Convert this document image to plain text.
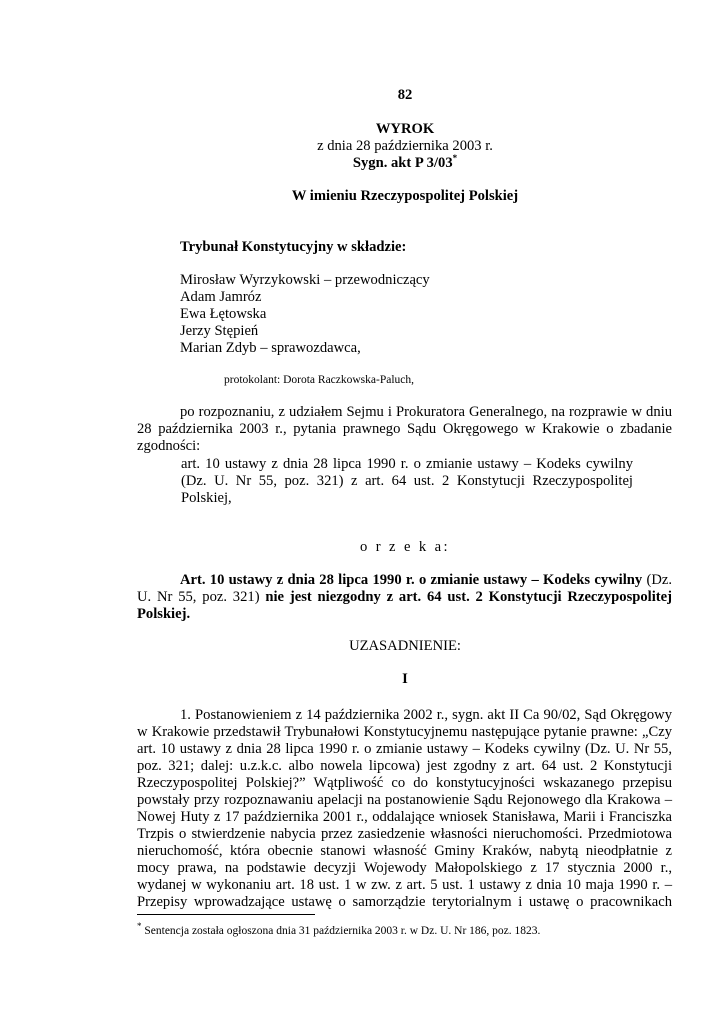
82
WYROK
z dnia 28 października 2003 r.
Sygn. akt P 3/03*
W imieniu Rzeczypospolitej Polskiej
Trybunał Konstytucyjny w składzie:
Mirosław Wyrzykowski – przewodniczący
Adam Jamróz
Ewa Łętowska
Jerzy Stępień
Marian Zdyb – sprawozdawca,
protokolant: Dorota Raczkowska-Paluch,
po rozpoznaniu, z udziałem Sejmu i Prokuratora Generalnego, na rozprawie w dniu
28 października 2003 r., pytania prawnego Sądu Okręgowego w Krakowie o zbadanie
zgodności:
art. 10 ustawy z dnia 28 lipca 1990 r. o zmianie ustawy – Kodeks cywilny
(Dz. U. Nr 55, poz. 321) z art. 64 ust. 2 Konstytucji Rzeczypospolitej
Polskiej,
o r z e k a:
Art. 10 ustawy z dnia 28 lipca 1990 r. o zmianie ustawy – Kodeks cywilny (Dz.
U. Nr 55, poz. 321) nie jest niezgodny z art. 64 ust. 2 Konstytucji Rzeczypospolitej
Polskiej.
UZASADNIENIE:
I
1. Postanowieniem z 14 października 2002 r., sygn. akt II Ca 90/02, Sąd Okręgowy
w Krakowie przedstawił Trybunałowi Konstytucyjnemu następujące pytanie prawne: „Czy
art. 10 ustawy z dnia 28 lipca 1990 r. o zmianie ustawy – Kodeks cywilny (Dz. U. Nr 55,
poz. 321; dalej: u.z.k.c. albo nowela lipcowa) jest zgodny z art. 64 ust. 2 Konstytucji
Rzeczypospolitej Polskiej?” Wątpliwość co do konstytucyjności wskazanego przepisu
powstały przy rozpoznawaniu apelacji na postanowienie Sądu Rejonowego dla Krakowa –
Nowej Huty z 17 października 2001 r., oddalające wniosek Stanisława, Marii i Franciszka
Trzpis o stwierdzenie nabycia przez zasiedzenie własności nieruchomości. Przedmiotowa
nieruchomość, która obecnie stanowi własność Gminy Kraków, nabytą nieodpłatnie z
mocy prawa, na podstawie decyzji Wojewody Małopolskiego z 17 stycznia 2000 r.,
wydanej w wykonaniu art. 18 ust. 1 w zw. z art. 5 ust. 1 ustawy z dnia 10 maja 1990 r. –
Przepisy wprowadzające ustawę o samorządzie terytorialnym i ustawę o pracownikach
* Sentencja została ogłoszona dnia 31 października 2003 r. w Dz. U. Nr 186, poz. 1823.
